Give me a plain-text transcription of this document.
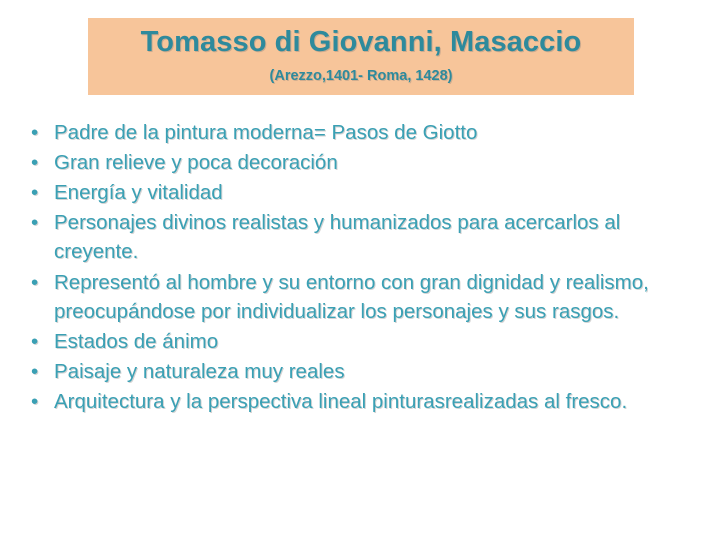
Tomasso di Giovanni, Masaccio
(Arezzo,1401- Roma, 1428)
• Padre de la pintura moderna= Pasos de Giotto
• Gran relieve y poca decoración
• Energía y vitalidad
• Personajes divinos realistas y humanizados para acercarlos al creyente.
• Representó al hombre y su entorno con gran dignidad y realismo, preocupándose por individualizar los personajes y sus rasgos.
• Estados de ánimo
• Paisaje y naturaleza muy reales
• Arquitectura y la perspectiva lineal pinturasrealizadas al fresco.
